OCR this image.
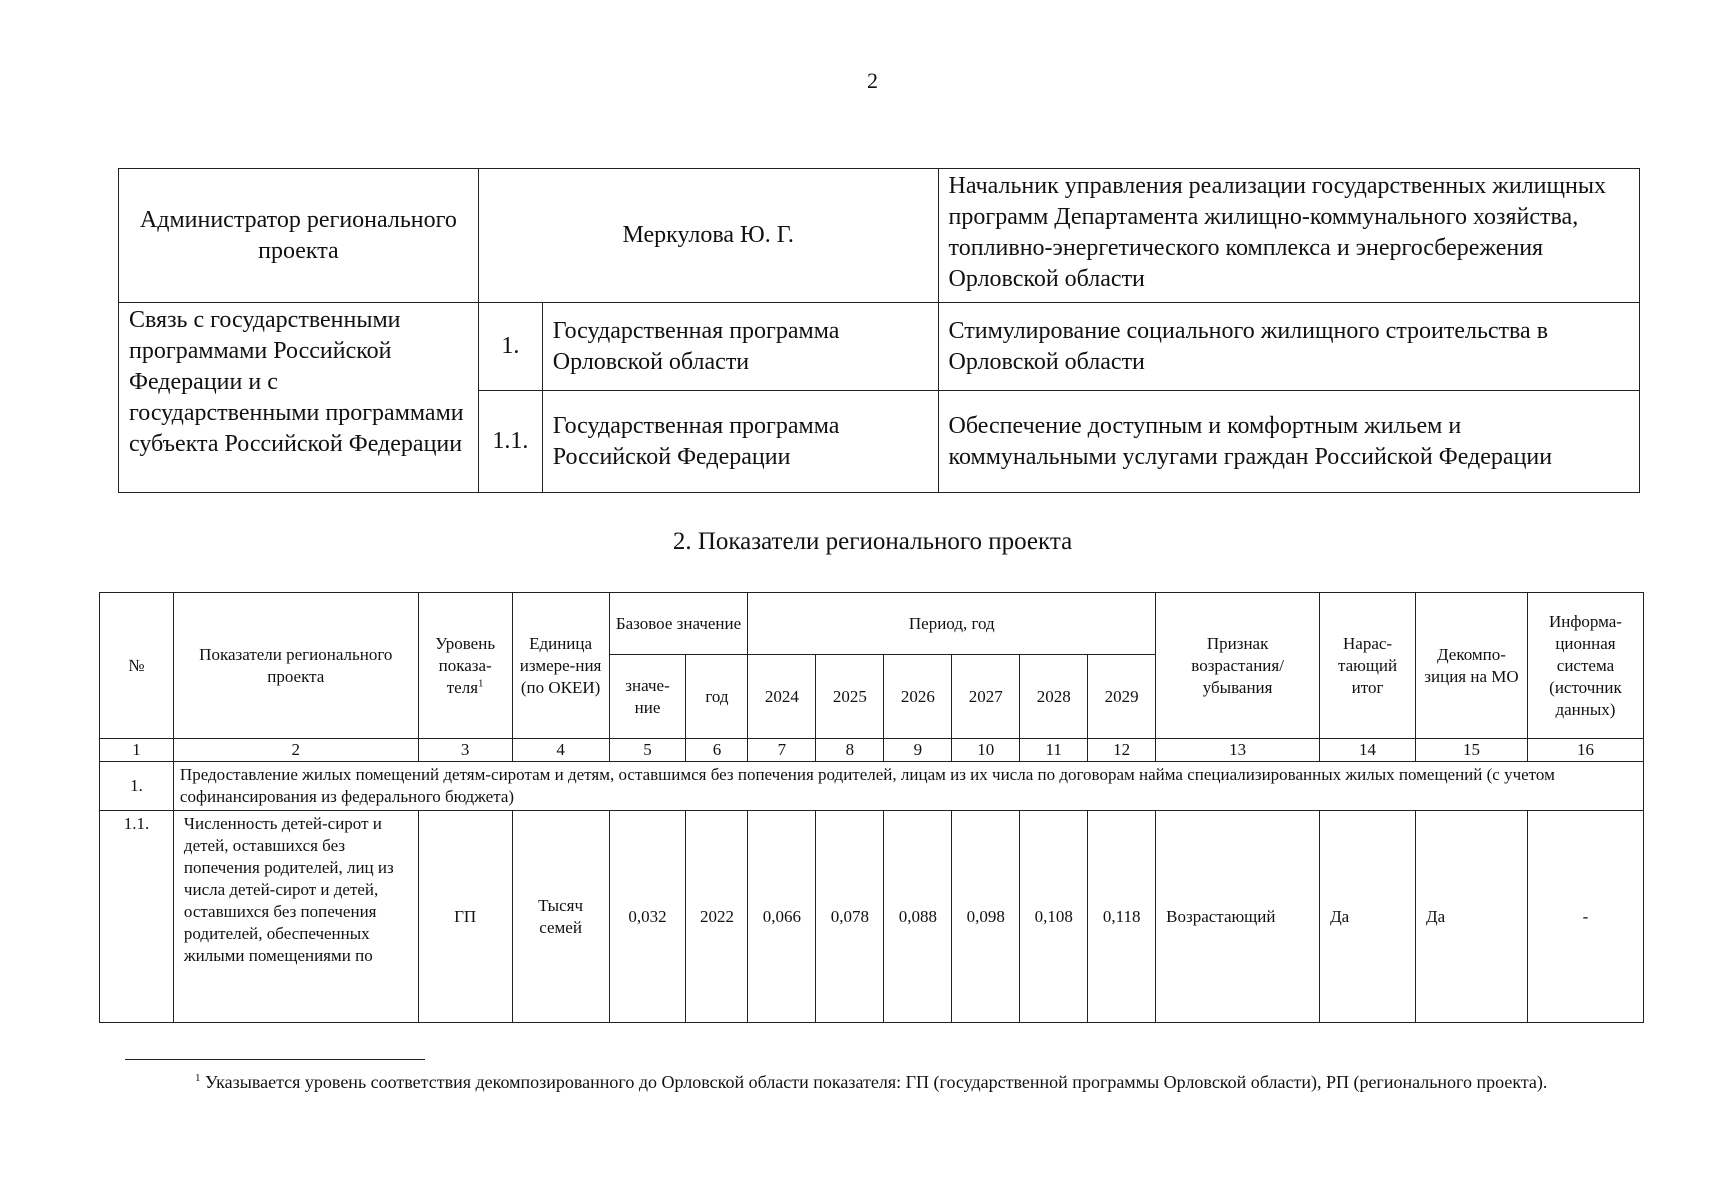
2
Администратор регионального проекта	Меркулова Ю. Г.		Начальник управления реализации государственных жилищных программ Департамента жилищно-коммунального хозяйства, топливно-энергетического комплекса и энергосбережения Орловской области
Связь с государственными программами Российской Федерации и с государственными программами субъекта Российской Федерации	1.	Государственная программа Орловской области	Стимулирование социального жилищного строительства в Орловской области
	1.1.	Государственная программа Российской Федерации	Обеспечение доступным и комфортным жильем и коммунальными услугами граждан Российской Федерации
2. Показатели регионального проекта
№	Показатели регионального проекта	Уровень показа-теля$^1$	Единица измере-ния (по ОКЕИ)	Базовое значение		Период, год						Признак возрастания/ убывания	Нарас-тающий итог	Декомпо-зиция на МО	Информа-ционная система (источник данных)
				значе-ние	год	2024	2025	2026	2027	2028	2029				
1	2	3	4	5	6	7	8	9	10	11	12	13	14	15	16
1.	Предоставление жилых помещений детям-сиротам и детям, оставшимся без попечения родителей, лицам из их числа по договорам найма специализированных жилых помещений (с учетом софинансирования из федерального бюджета)														
1.1.	Численность детей-сирот и детей, оставшихся без попечения родителей, лиц из числа детей-сирот и детей, оставшихся без попечения родителей, обеспеченных жилыми помещениями по	ГП	Тысяч семей	0,032	2022	0,066	0,078	0,088	0,098	0,108	0,118	Возрастающий	Да	Да	-
$^1$ Указывается уровень соответствия декомпозированного до Орловской области показателя: ГП (государственной программы Орловской области), РП (регионального проекта).
